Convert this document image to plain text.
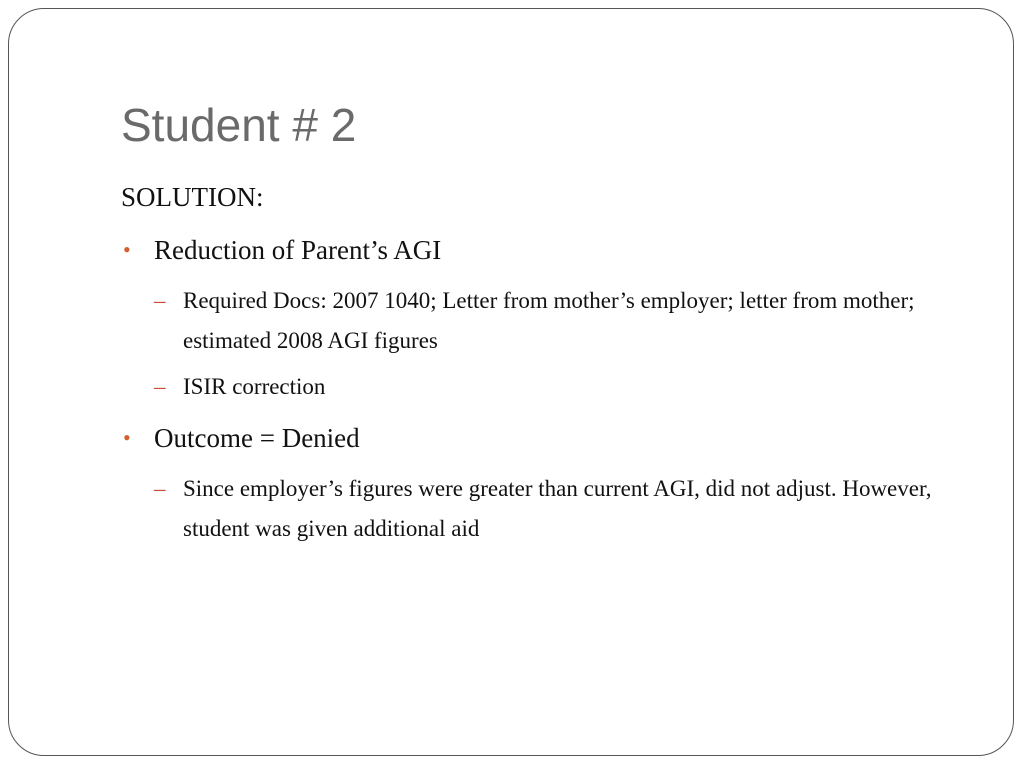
Student # 2
SOLUTION:
• Reduction of Parent’s AGI
– Required Docs: 2007 1040; Letter from mother’s employer; letter from mother; estimated 2008 AGI figures
– ISIR correction
• Outcome = Denied
– Since employer’s figures were greater than current AGI, did not adjust. However, student was given additional aid
